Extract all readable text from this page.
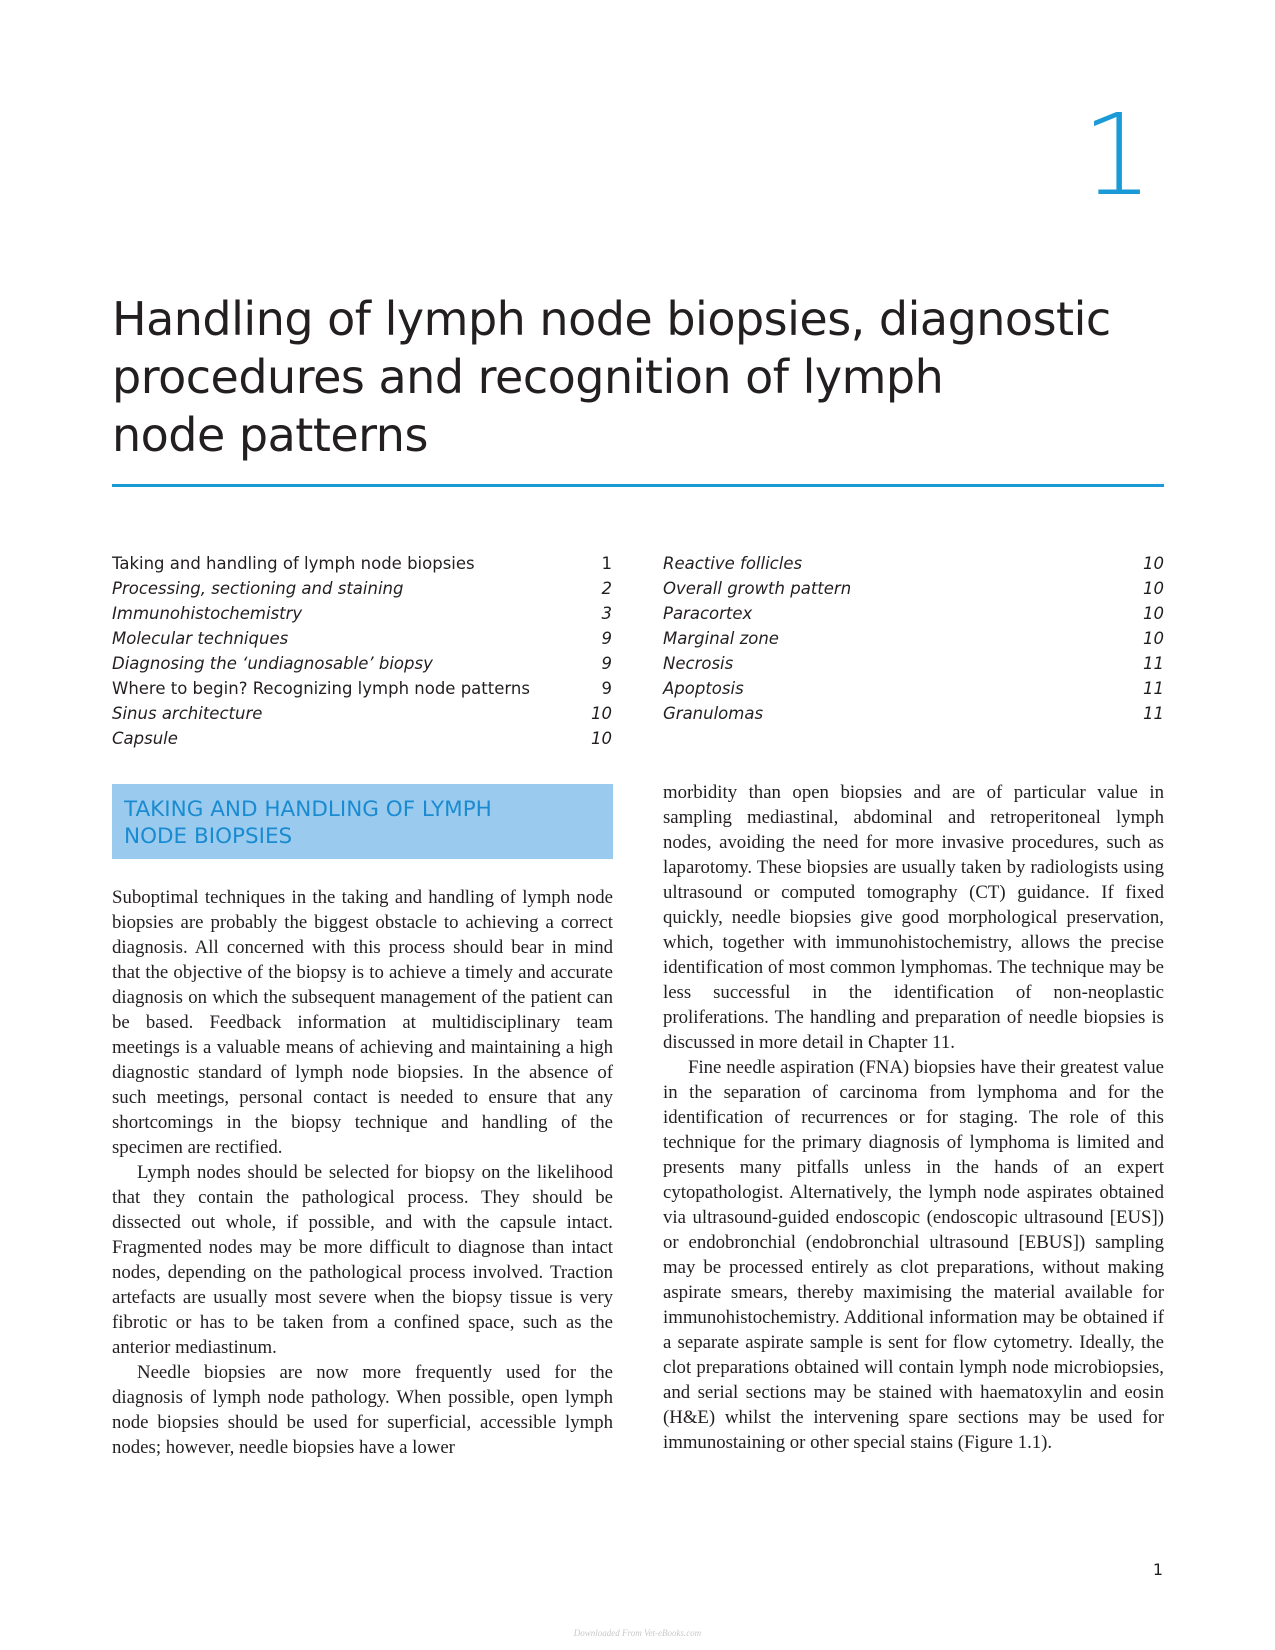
1
Handling of lymph node biopsies, diagnostic
procedures and recognition of lymph
node patterns
Taking and handling of lymph node biopsies	1
Processing, sectioning and staining	2
Immunohistochemistry	3
Molecular techniques	9
Diagnosing the ‘undiagnosable’ biopsy	9
Where to begin? Recognizing lymph node patterns	9
Sinus architecture	10
Capsule	10
Reactive follicles	10
Overall growth pattern	10
Paracortex	10
Marginal zone	10
Necrosis	11
Apoptosis	11
Granulomas	11
TAKING AND HANDLING OF LYMPH
NODE BIOPSIES

Suboptimal techniques in the taking and handling of lymph node biopsies are probably the biggest obstacle to achieving a correct diagnosis. All concerned with this process should bear in mind that the objective of the biopsy is to achieve a timely and accurate diagnosis on which the subsequent management of the patient can be based. Feedback information at multidisciplinary team meetings is a valuable means of achieving and maintaining a high diagnostic standard of lymph node biopsies. In the absence of such meetings, personal contact is needed to ensure that any shortcomings in the biopsy technique and handling of the specimen are rectified.

Lymph nodes should be selected for biopsy on the likelihood that they contain the pathological process. They should be dissected out whole, if possible, and with the capsule intact. Fragmented nodes may be more difficult to diagnose than intact nodes, depending on the pathological process involved. Traction artefacts are usually most severe when the biopsy tissue is very fibrotic or has to be taken from a confined space, such as the anterior mediastinum.

Needle biopsies are now more frequently used for the diagnosis of lymph node pathology. When possible, open lymph node biopsies should be used for superficial, accessible lymph nodes; however, needle biopsies have a lower

morbidity than open biopsies and are of particular value in sampling mediastinal, abdominal and retroperitoneal lymph nodes, avoiding the need for more invasive procedures, such as laparotomy. These biopsies are usually taken by radiologists using ultrasound or computed tomography (CT) guidance. If fixed quickly, needle biopsies give good morphological preservation, which, together with immunohistochemistry, allows the precise identification of most common lymphomas. The technique may be less successful in the identification of non-neoplastic proliferations. The handling and preparation of needle biopsies is discussed in more detail in Chapter 11.

Fine needle aspiration (FNA) biopsies have their greatest value in the separation of carcinoma from lymphoma and for the identification of recurrences or for staging. The role of this technique for the primary diagnosis of lymphoma is limited and presents many pitfalls unless in the hands of an expert cytopathologist. Alternatively, the lymph node aspirates obtained via ultrasound-guided endoscopic (endoscopic ultrasound [EUS]) or endobronchial (endobronchial ultrasound [EBUS]) sampling may be processed entirely as clot preparations, without making aspirate smears, thereby maximising the material available for immunohistochemistry. Additional information may be obtained if a separate aspirate sample is sent for flow cytometry. Ideally, the clot preparations obtained will contain lymph node microbiopsies, and serial sections may be stained with haematoxylin and eosin (H&E) whilst the intervening spare sections may be used for immunostaining or other special stains (Figure 1.1).

1
Downloaded From Vet-eBooks.com
